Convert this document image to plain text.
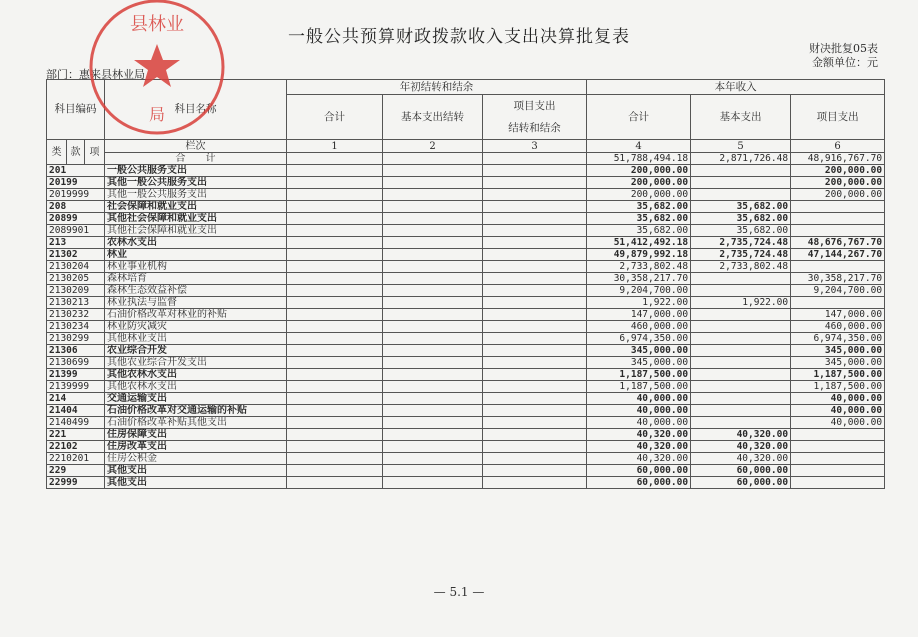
一般公共预算财政拨款收入支出决算批复表
财决批复05表
金额单位：元
部门：惠来县林业局
科目编码			科目名称	年初结转和结余			本年收入		
				合计	基本支出结转	项目支出
结转和结余	合计	基本支出	项目支出
类	款	项	栏次	1	2	3	4	5	6
			合　　计				51,788,494.18	2,871,726.48	48,916,767.70
201			一般公共服务支出				200,000.00		200,000.00
20199			其他一般公共服务支出				200,000.00		200,000.00
2019999			其他一般公共服务支出				200,000.00		200,000.00
208			社会保障和就业支出				35,682.00	35,682.00	
20899			其他社会保障和就业支出				35,682.00	35,682.00	
2089901			其他社会保障和就业支出				35,682.00	35,682.00	
213			农林水支出				51,412,492.18	2,735,724.48	48,676,767.70
21302			林业				49,879,992.18	2,735,724.48	47,144,267.70
2130204			林业事业机构				2,733,802.48	2,733,802.48	
2130205			森林培育				30,358,217.70		30,358,217.70
2130209			森林生态效益补偿				9,204,700.00		9,204,700.00
2130213			林业执法与监督				1,922.00	1,922.00	
2130232			石油价格改革对林业的补贴				147,000.00		147,000.00
2130234			林业防灾减灾				460,000.00		460,000.00
2130299			其他林业支出				6,974,350.00		6,974,350.00
21306			农业综合开发				345,000.00		345,000.00
2130699			其他农业综合开发支出				345,000.00		345,000.00
21399			其他农林水支出				1,187,500.00		1,187,500.00
2139999			其他农林水支出				1,187,500.00		1,187,500.00
214			交通运输支出				40,000.00		40,000.00
21404			石油价格改革对交通运输的补贴				40,000.00		40,000.00
2140499			石油价格改革补贴其他支出				40,000.00		40,000.00
221			住房保障支出				40,320.00	40,320.00	
22102			住房改革支出				40,320.00	40,320.00	
2210201			住房公积金				40,320.00	40,320.00	
229			其他支出				60,000.00	60,000.00	
22999			其他支出				60,000.00	60,000.00	
县林业
局
— 5.1 —
